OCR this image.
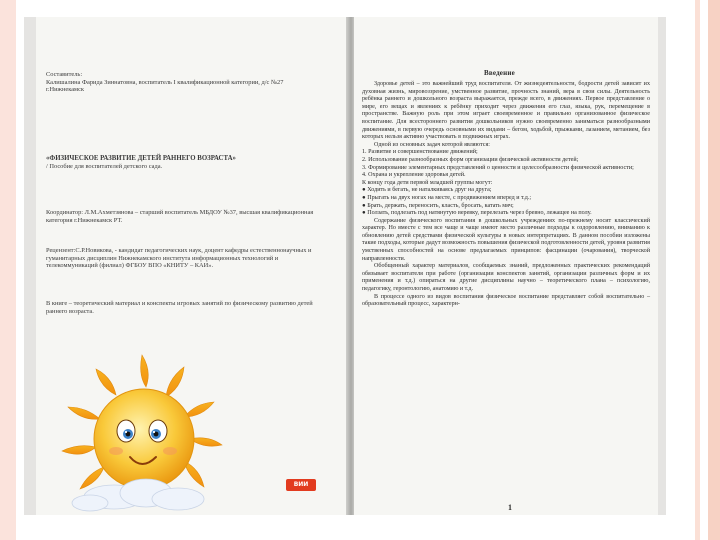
Составитель:

Калишалина Фарида Зиннатовна, воспитатель I квалификационной категории, д/с №27 г.Нижнекамск

«ФИЗИЧЕСКОЕ РАЗВИТИЕ ДЕТЕЙ РАННЕГО ВОЗРАСТА»

/ Пособие для воспитателей детского сада.

Координатор: Л.М.Ахметзянова – старший воспитатель МБДОУ №37, высшая квалификационная категория г.Нижнекамск РТ.
Рецензент:С.Р.Новикова, - кандидат педагогических наук, доцент кафедры естественнонаучных и гуманитарных дисциплин Нижнекамского института информационных технологий и телекоммуникаций (филиал) ФГБОУ ВПО «КНИТУ – КАИ».
В книге – теоретический материал и конспекты игровых занятий по физическому развитию детей раннего возраста.
ВИИ
Введение

Здоровье детей – это важнейший труд воспитателя. От жизнедеятельности, бодрости детей зависит их духовная жизнь, мировоззрение, умственное развитие, прочность знаний, вера в свои силы. Деятельность ребёнка раннего и дошкольного возраста выражается, прежде всего, в движениях. Первое представление о мире, его вещах и явлениях к ребёнку приходит через движения его глаз, языка, рук, перемещение в пространстве. Важную роль при этом играет своевременное и правильно организованное физическое воспитание. Для всестороннего развития дошкольников нужно своевременно заниматься разнообразными движениями, в первую очередь основными их видами – бегом, ходьбой, прыжками, лазанием, метанием, без которых нельзя активно участвовать в подвижных играх.

Одной из основных задач которой являются:

1. Развитие и совершенствование движений;

2. Использование разнообразных форм организации физической активности детей;

3. Формирование элементарных представлений о ценности и целесообразности физической активности;

4. Охрана и укрепление здоровья детей.

К концу года дети первой младшей группы могут:

● Ходить и бегать, не наталкиваясь друг на друга;

● Прыгать на двух ногах на месте, с продвижением вперед и т.д.;

● Брать, держать, переносить, класть, бросать, катать мяч;

● Ползать, подлезать под натянутую веревку, перелезать через бревно, лежащее на полу.

Содержание физического воспитания в дошкольных учреждениях по-прежнему носит классический характер. Но вместе с тем все чаще и чаще имеют место различные подходы к оздоровлению, вниманию к обновлению детей средствами физической культуры в новых интерпретациях. В данном пособии изложены такие подходы, которые дадут возможность повышения физической подготовленности детей, уровня развития умственных способностей на основе предлагаемых принципов: фасцинации (очарования), творческой направленности.

Обобщенный характер материалов, сообщаемых знаний, предложенных практических рекомендаций обязывает воспитателя при работе (организации конспектов занятий, организации различных форм и их применения и т.д.) опираться на другие дисциплины научно – теоретического плана – психологию, педагогику, геронтологию, анатомию и т.д.

В процессе одного из видов воспитания физическое воспитание представляет собой воспитательно – образовательный процесс, характерн-

1
